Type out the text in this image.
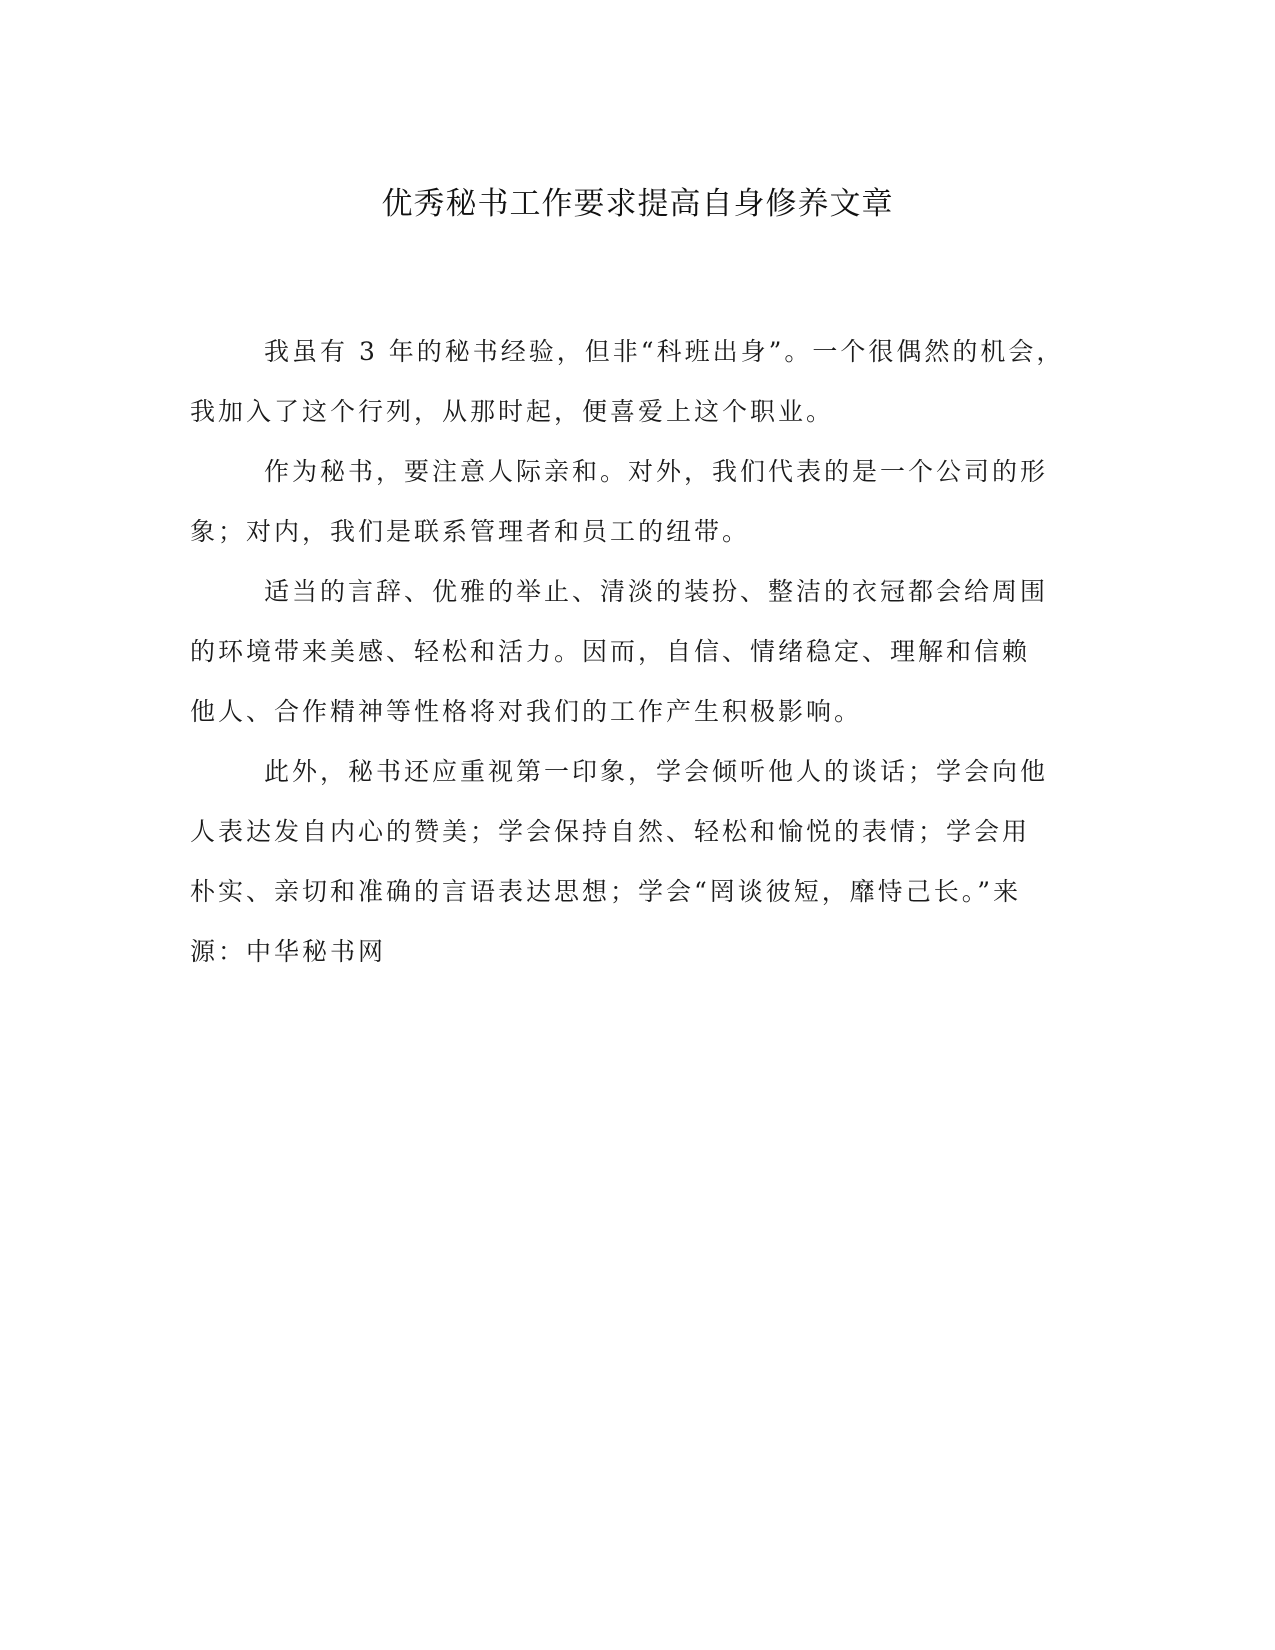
优秀秘书工作要求提高自身修养文章

我虽有 3 年的秘书经验，但非“科班出身”。一个很偶然的机会，
我加入了这个行列，从那时起，便喜爱上这个职业。

作为秘书，要注意人际亲和。对外，我们代表的是一个公司的形
象；对内，我们是联系管理者和员工的纽带。

适当的言辞、优雅的举止、清淡的装扮、整洁的衣冠都会给周围
的环境带来美感、轻松和活力。因而，自信、情绪稳定、理解和信赖
他人、合作精神等性格将对我们的工作产生积极影响。

此外，秘书还应重视第一印象，学会倾听他人的谈话；学会向他
人表达发自内心的赞美；学会保持自然、轻松和愉悦的表情；学会用
朴实、亲切和准确的言语表达思想；学会“罔谈彼短，靡恃己长。”来
源：中华秘书网
